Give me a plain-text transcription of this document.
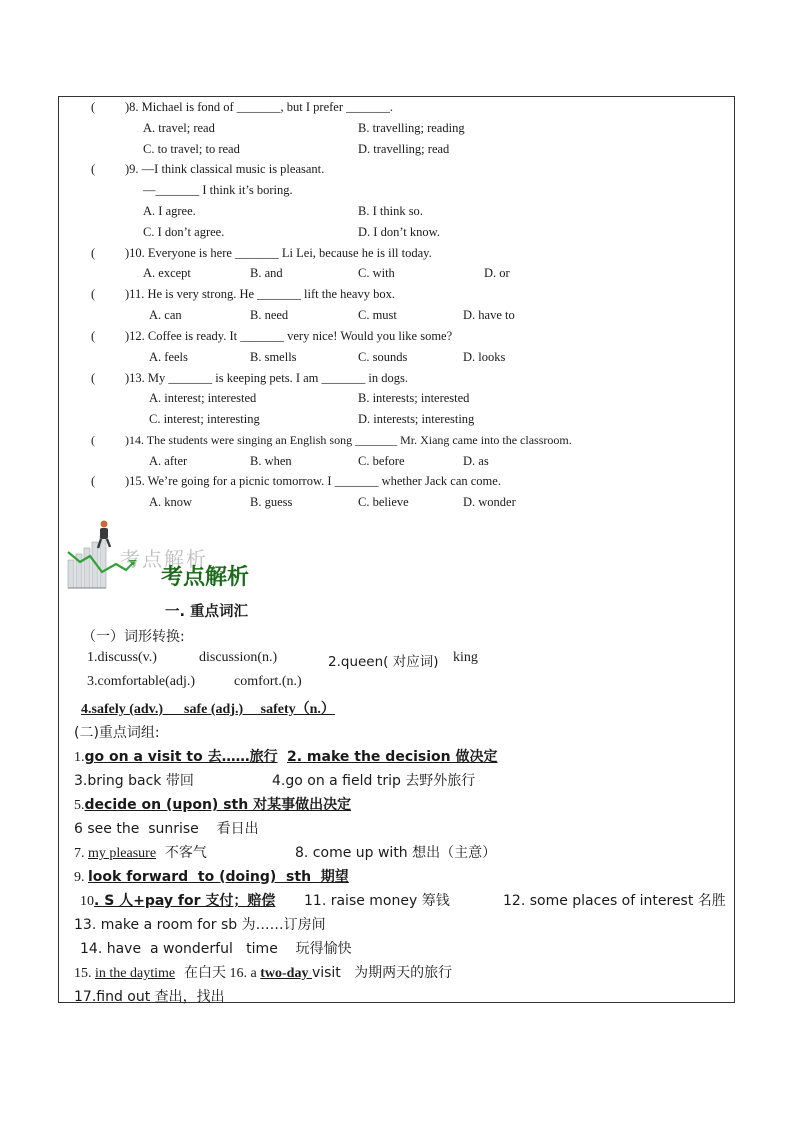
( )8. Michael is fond of _______, but I prefer _______.
A. travel; read	B. travelling; reading
C. to travel; to read	D. travelling; read
( )9. —I think classical music is pleasant.
—_______ I think it’s boring.
A. I agree.	B. I think so.
C. I don’t agree.	D. I don’t know.
( )10. Everyone is here _______ Li Lei, because he is ill today.
A. except	B. and	C. with	D. or
( )11. He is very strong. He _______ lift the heavy box.
A. can	B. need	C. must	D. have to
( )12. Coffee is ready. It _______ very nice! Would you like some?
A. feels	B. smells	C. sounds	D. looks
( )13. My _______ is keeping pets. I am _______ in dogs.
A. interest; interested	B. interests; interested
C. interest; interesting	D. interests; interesting
(	)14. The students were singing an English song _______ Mr. Xiang came into the classroom.
A. after	B. when	C. before	D. as
( )15. We’re going for a picnic tomorrow. I _______ whether Jack can come.
A. know	B. guess	C. believe	D. wonder
考点解析
考点解析
一. 重点词汇
（一）词形转换:
1.discuss(v.)	discussion(n.)	2.queen( 对应词) king
3.comfortable(adj.)	comfort.(n.)
4.safely (adv.)      safe (adj.)     safety（n.）
(二)重点词组:
1.go on a visit to 去……旅行 2. make the decision 做决定
3.bring back 带回	4.go on a field trip 去野外旅行
5.decide on (upon) sth 对某事做出决定
6 see the  sunrise    看日出
7. my pleasure  不客气	8. come up with 想出（主意）
9. look forward  to (doing)  sth  期望
10. S 人+pay for 支付；赔偿 11. raise money 筹钱	12. some places of interest 名胜
13. make a room for sb 为……订房间
14. have  a wonderful   time    玩得愉快
15. in the daytime  在白天 16. a two-day visit   为期两天的旅行
17.find out 查出，找出
